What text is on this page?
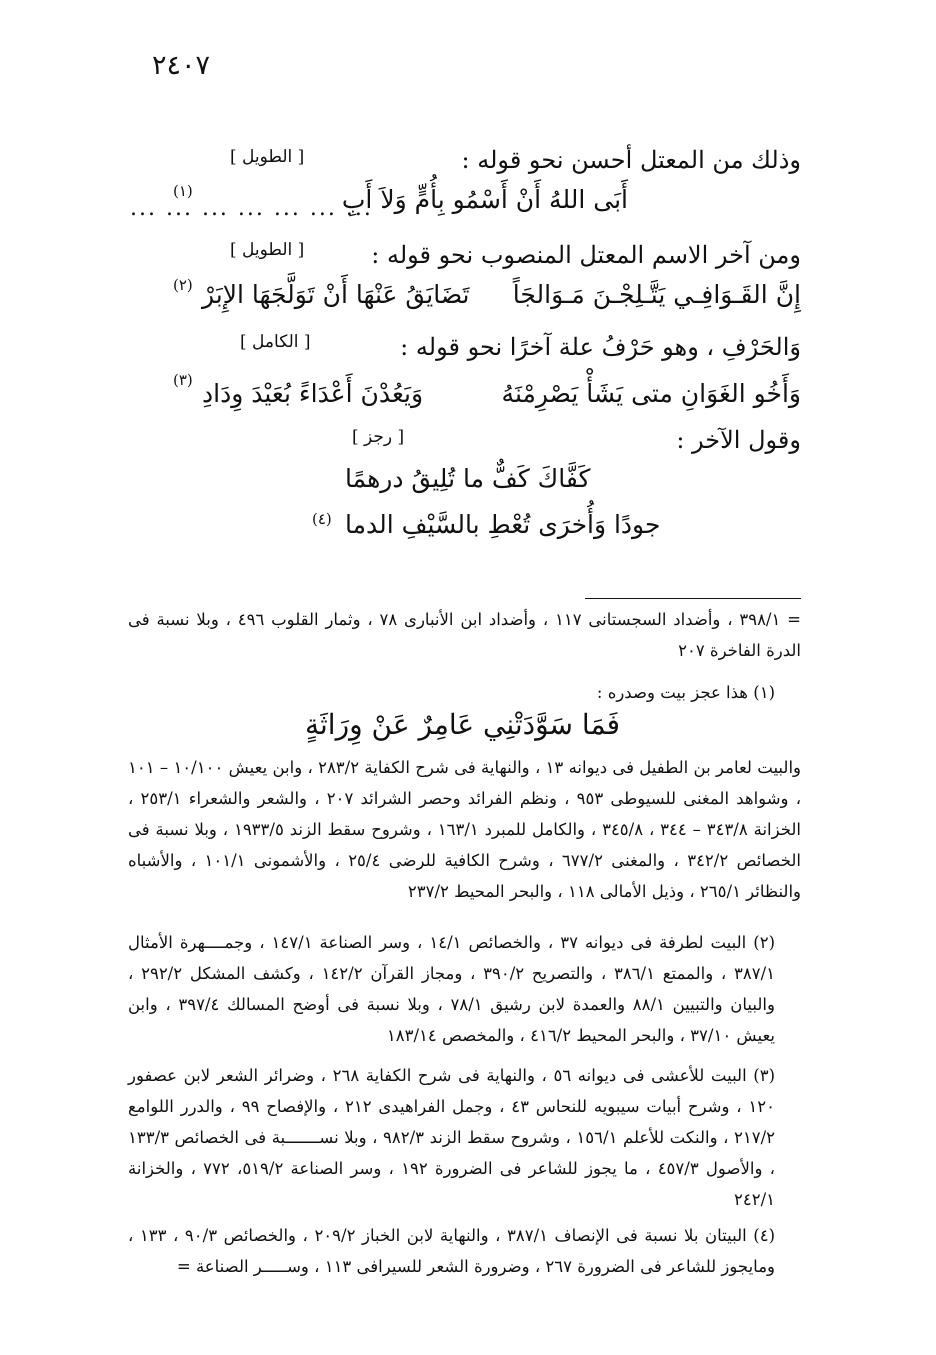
٢٤٠٧
وذلك من المعتل أحسن نحو قوله :
[ الطويل ]
أَبَى اللهُ أَنْ أَسْمُو بِأُمٍّ وَلاَ أَبِ
$^{(١)}$
... ... ... ... ... ... ...
ومن آخر الاسم المعتل المنصوب نحو قوله :
[ الطويل ]
إِنَّ القَـوَافِـي يَتَّـلِجْـنَ مَـوَالجَاً
تَضَايَقُ عَنْهَا أَنْ تَوَلَّجَهَا الإِبَرْ
$^{(٢)}$
وَالحَرْفِ ، وهو حَرْفُ علة آخرًا نحو قوله :
[ الكامل ]
وَأَخُو الغَوَانِ متى يَشَأْ يَصْرِمْنَهُ
وَيَعُدْنَ أَعْدَاءً بُعَيْدَ وِدَادِ
$^{(٣)}$
وقول الآخر :
[ رجز ]
كَفَّاكَ كَفٌّ ما تُلِيقُ درهمًا
جودًا وَأُخرَى تُعْطِ بالسَّيْفِ الدما
$^{(٤)}$

= ٣٩٨/١ ، وأضداد السجستانى ١١٧ ، وأضداد ابن الأنبارى ٧٨ ، وثمار القلوب ٤٩٦ ، وبلا نسبة فى الدرة الفاخرة ٢٠٧

(١) هذا عجز بيت وصدره :

فَمَا سَوَّدَتْنِي عَامِرٌ عَنْ وِرَاثَةٍ

والبيت لعامر بن الطفيل فى ديوانه ١٣ ، والنهاية فى شرح الكفاية ٢٨٣/٢ ، وابن يعيش ١٠/١٠٠ – ١٠١ ، وشواهد المغنى للسيوطى ٩٥٣ ، ونظم الفرائد وحصر الشرائد ٢٠٧ ، والشعر والشعراء ٢٥٣/١ ، الخزانة ٣٤٣/٨ – ٣٤٤ ، ٣٤٥/٨ ، والكامل للمبرد ١٦٣/١ ، وشروح سقط الزند ١٩٣٣/٥ ، وبلا نسبة فى الخصائص ٣٤٢/٢ ، والمغنى ٦٧٧/٢ ، وشرح الكافية للرضى ٢٥/٤ ، والأشمونى ١٠١/١ ، والأشباه والنظائر ٢٦٥/١ ، وذيل الأمالى ١١٨ ، والبحر المحيط ٢٣٧/٢

(٢) البيت لطرفة فى ديوانه ٣٧ ، والخصائص ١٤/١ ، وسر الصناعة ١٤٧/١ ، وجمــــهرة الأمثال ٣٨٧/١ ، والممتع ٣٨٦/١ ، والتصريح ٣٩٠/٢ ، ومجاز القرآن ١٤٢/٢ ، وكشف المشكل ٢٩٢/٢ ، والبيان والتبيين ٨٨/١ والعمدة لابن رشيق ٧٨/١ ، وبلا نسبة فى أوضح المسالك ٣٩٧/٤ ، وابن يعيش ٣٧/١٠ ، والبحر المحيط ٤١٦/٢ ، والمخصص ١٨٣/١٤

(٣) البيت للأعشى فى ديوانه ٥٦ ، والنهاية فى شرح الكفاية ٢٦٨ ، وضرائر الشعر لابن عصفور ١٢٠ ، وشرح أبيات سيبويه للنحاس ٤٣ ، وجمل الفراهيدى ٢١٢ ، والإفصاح ٩٩ ، والدرر اللوامع ٢١٧/٢ ، والنكت للأعلم ١٥٦/١ ، وشروح سقط الزند ٩٨٢/٣ ، وبلا نســـــــبة فى الخصائص ١٣٣/٣ ، والأصول ٤٥٧/٣ ، ما يجوز للشاعر فى الضرورة ١٩٢ ، وسر الصناعة ٥١٩/٢، ٧٧٢ ، والخزانة ٢٤٢/١

(٤) البيتان بلا نسبة فى الإنصاف ٣٨٧/١ ، والنهاية لابن الخباز ٢٠٩/٢ ، والخصائص ٩٠/٣ ، ١٣٣ ، ومايجوز للشاعر فى الضرورة ٢٦٧ ، وضرورة الشعر للسيرافى ١١٣ ، وســـــر الصناعة =
